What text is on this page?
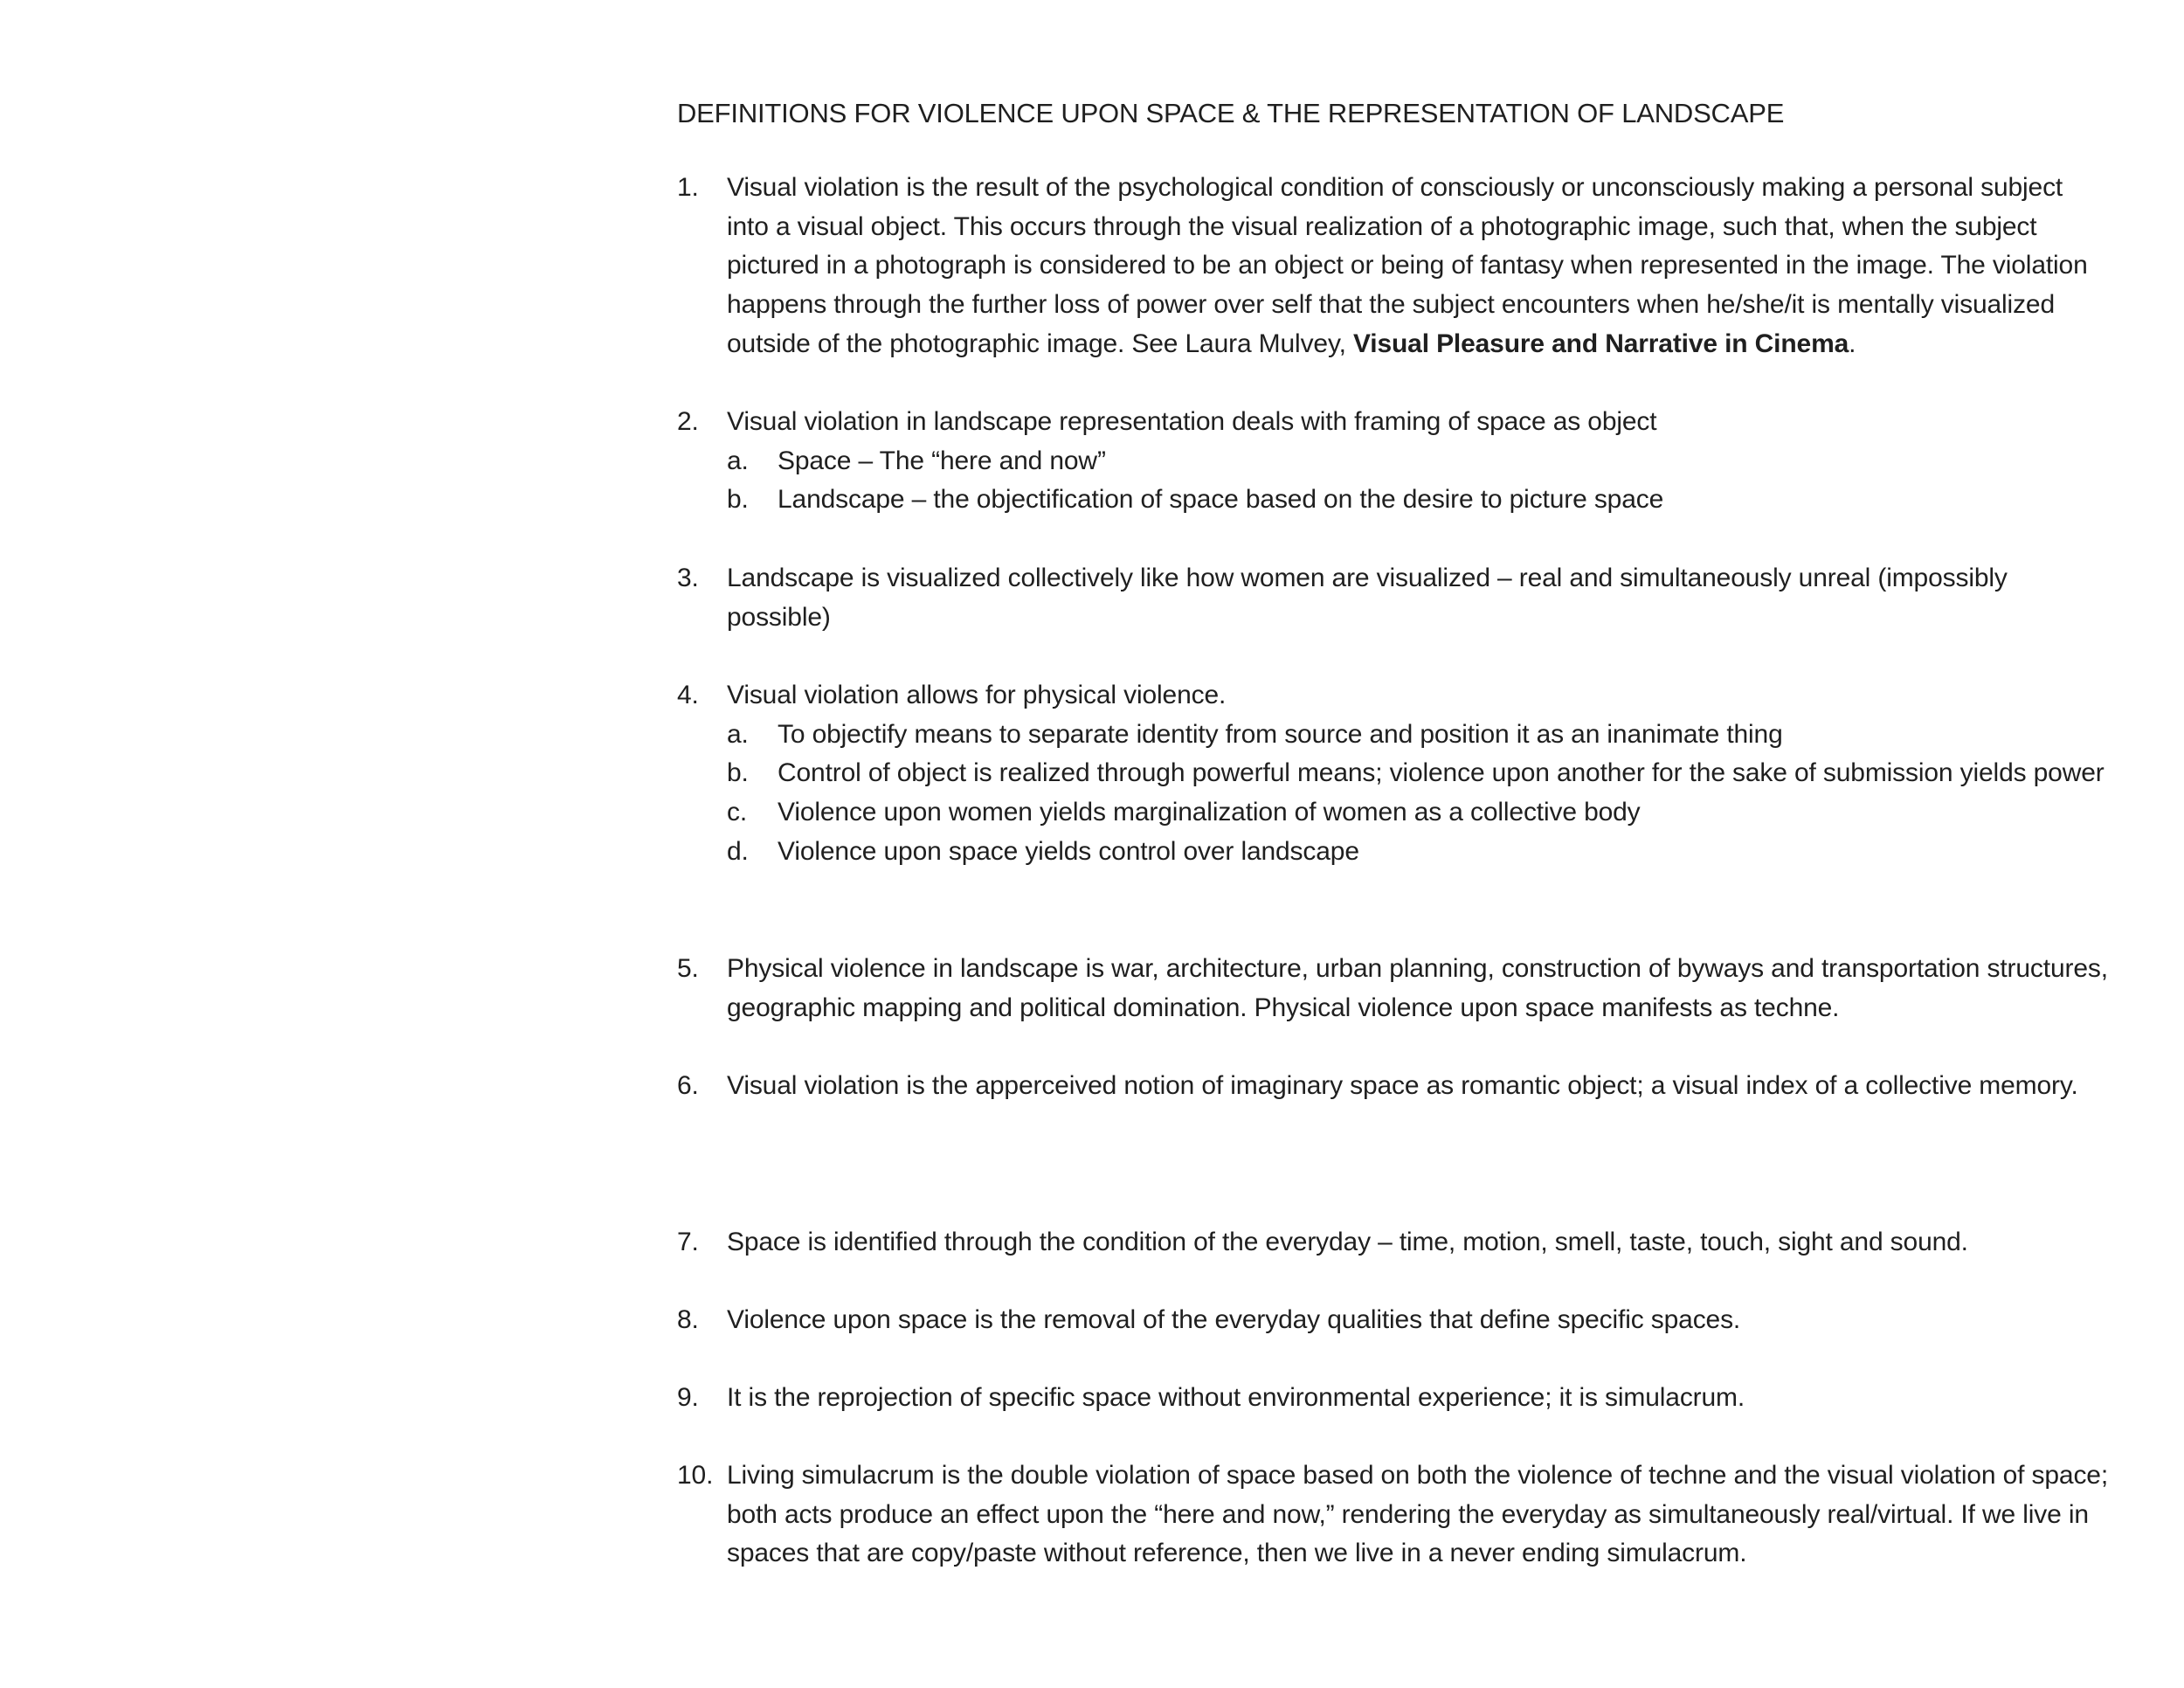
DEFINITIONS FOR VIOLENCE UPON SPACE & THE REPRESENTATION OF LANDSCAPE
1.	Visual violation is the result of the psychological condition of consciously or unconsciously making a personal subject into a visual object. This occurs through the visual realization of a photographic image, such that, when the subject pictured in a photograph is considered to be an object or being of fantasy when represented in the image. The violation happens through the further loss of power over self that the subject encounters when he/she/it is mentally visualized outside of the photographic image. See Laura Mulvey, Visual Pleasure and Narrative in Cinema.
2.	Visual violation in landscape representation deals with framing of space as object
a. Space – The “here and now”
b. Landscape – the objectification of space based on the desire to picture space
3.	Landscape is visualized collectively like how women are visualized – real and simultaneously unreal (impossibly possible)
4.	Visual violation allows for physical violence.
a. To objectify means to separate identity from source and position it as an inanimate thing
b. Control of object is realized through powerful means; violence upon another for the sake of submission yields power
c. Violence upon women yields marginalization of women as a collective body
d. Violence upon space yields control over landscape
5.	Physical violence in landscape is war, architecture, urban planning, construction of byways and transportation structures, geographic mapping and political domination. Physical violence upon space manifests as techne.
6.	Visual violation is the apperceived notion of imaginary space as romantic object; a visual index of a collective memory.
7.	Space is identified through the condition of the everyday – time, motion, smell, taste, touch, sight and sound.
8.	Violence upon space is the removal of the everyday qualities that define specific spaces.
9.	It is the reprojection of specific space without environmental experience; it is simulacrum.
10. Living simulacrum is the double violation of space based on both the violence of techne and the visual violation of space; both acts produce an effect upon the “here and now,” rendering the everyday as simultaneously real/virtual. If we live in spaces that are copy/paste without reference, then we live in a never ending simulacrum.
